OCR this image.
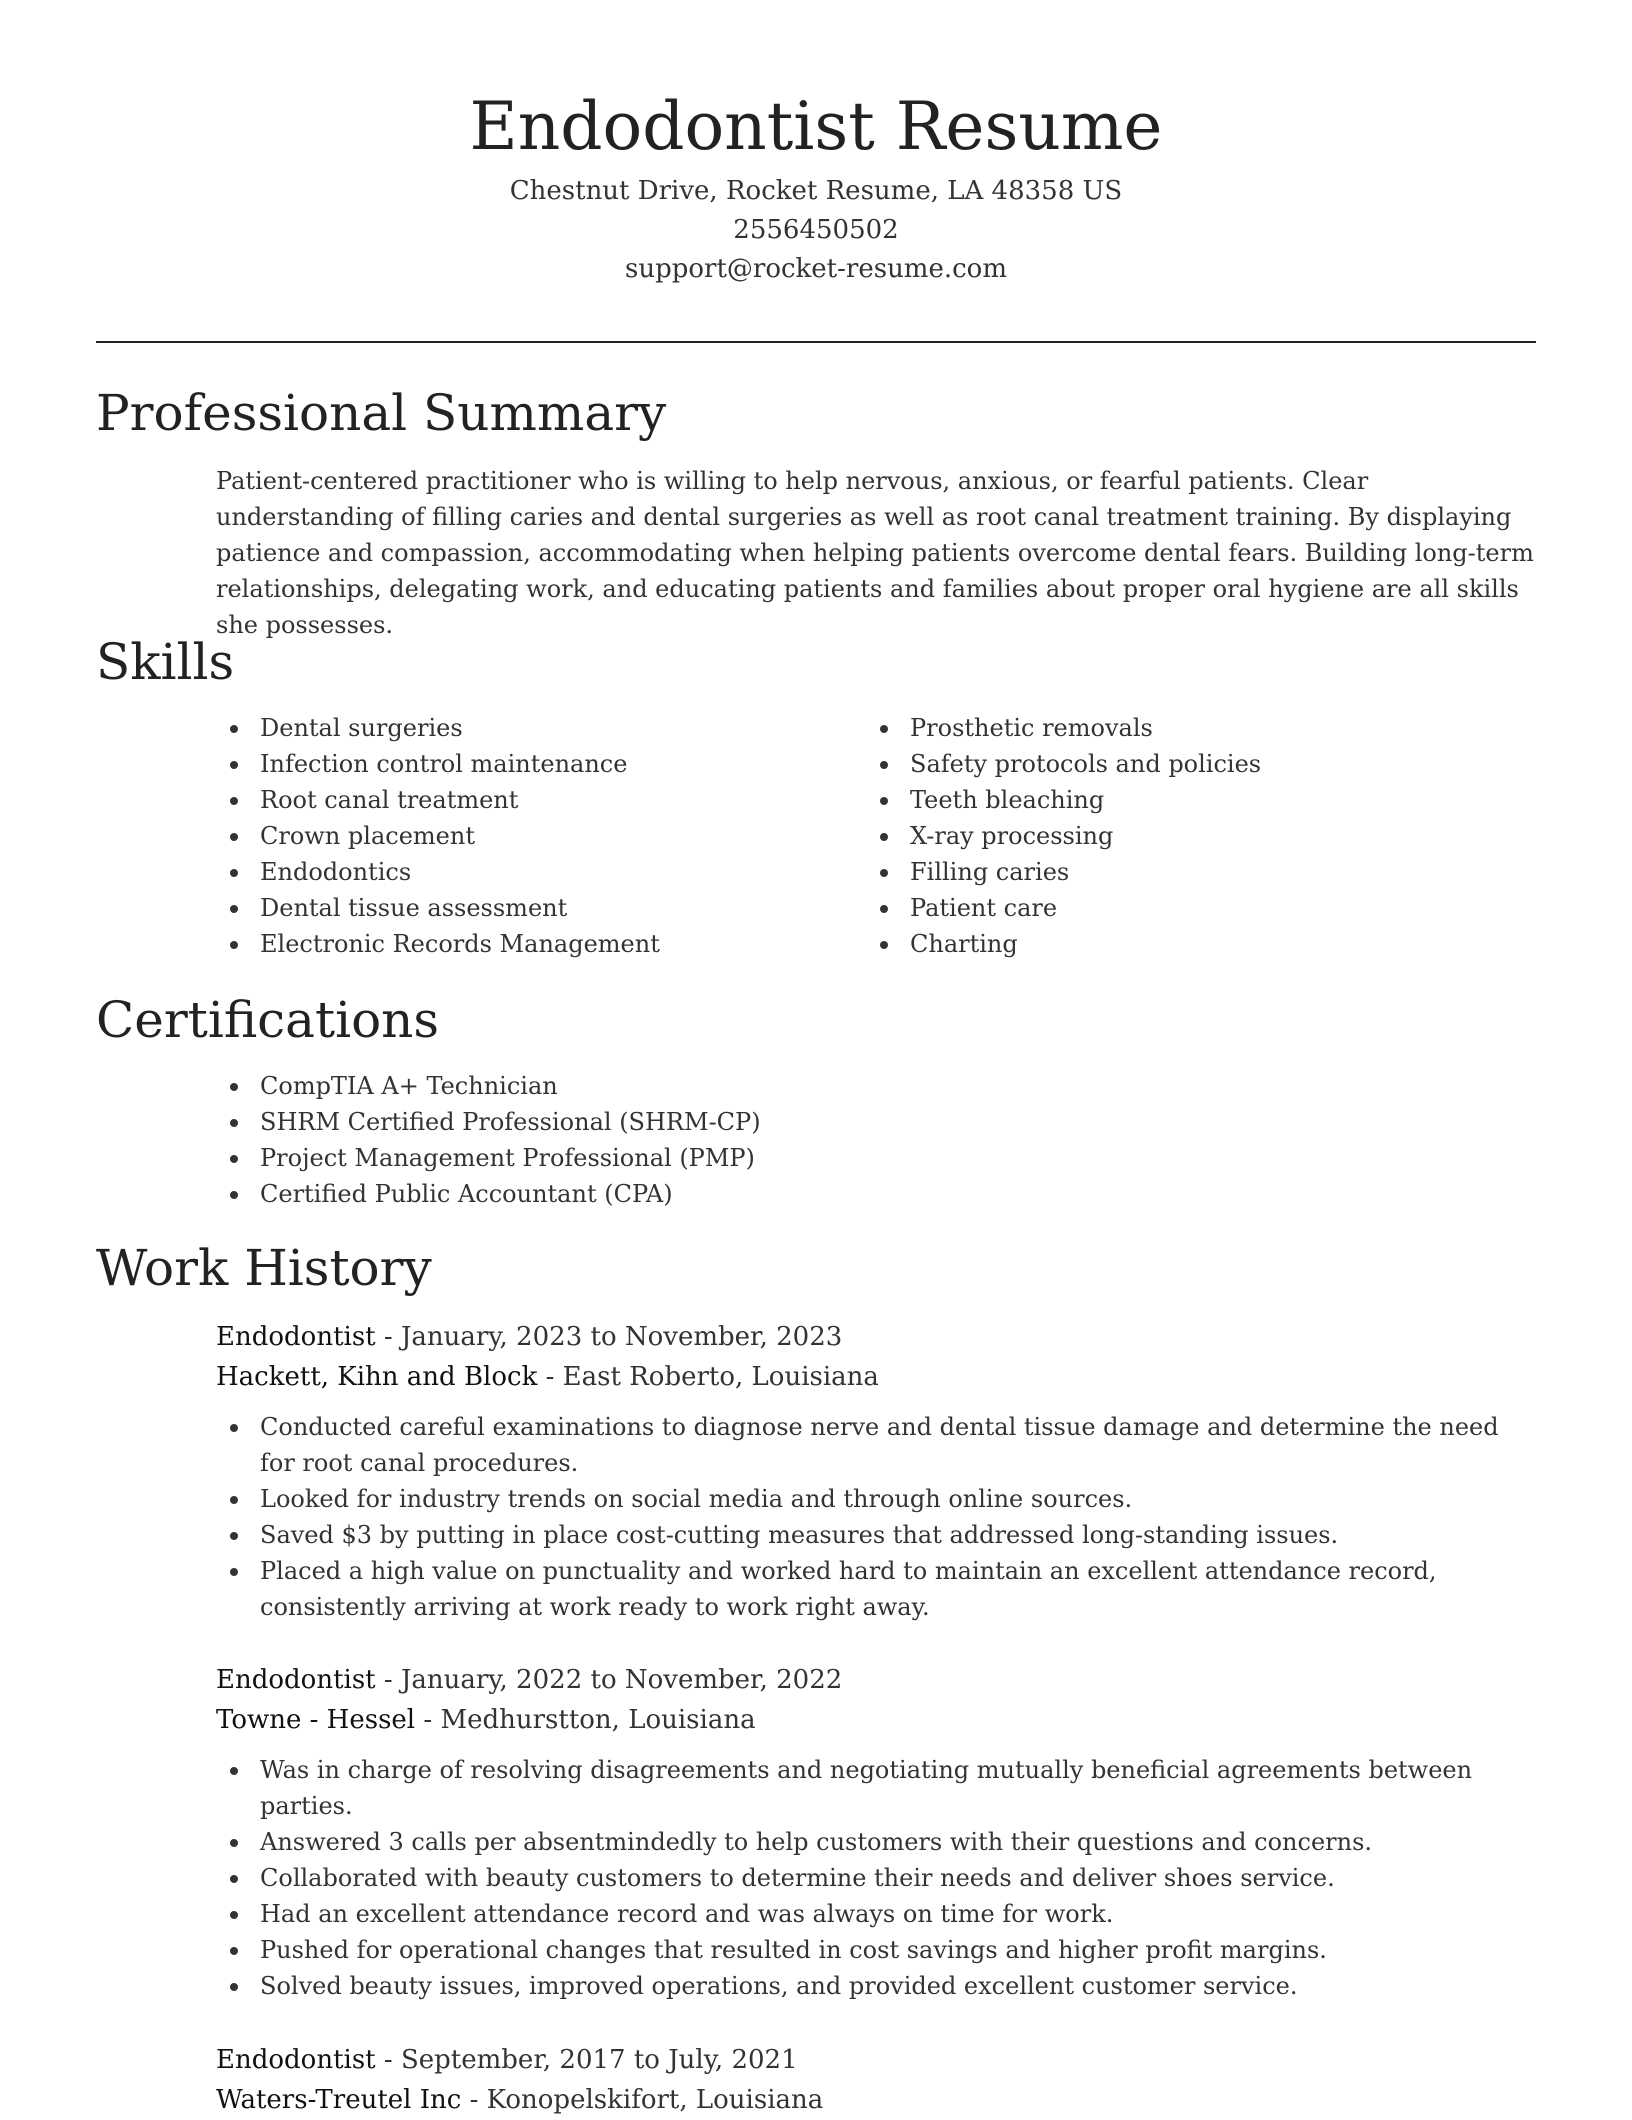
Endodontist Resume

Chestnut Drive, Rocket Resume, LA 48358 US

2556450502

support@rocket-resume.com

Professional Summary

Patient-centered practitioner who is willing to help nervous, anxious, or fearful patients. Clear understanding of filling caries and dental surgeries as well as root canal treatment training. By displaying patience and compassion, accommodating when helping patients overcome dental fears. Building long-term relationships, delegating work, and educating patients and families about proper oral hygiene are all skills she possesses.

Skills
Dental surgeries
Infection control maintenance
Root canal treatment
Crown placement
Endodontics
Dental tissue assessment
Electronic Records Management
Prosthetic removals
Safety protocols and policies
Teeth bleaching
X-ray processing
Filling caries
Patient care
Charting
Certifications
CompTIA A+ Technician
SHRM Certified Professional (SHRM-CP)
Project Management Professional (PMP)
Certified Public Accountant (CPA)
Work History

Endodontist - January, 2023 to November, 2023

Hackett, Kihn and Block - East Roberto, Louisiana

Conducted careful examinations to diagnose nerve and dental tissue damage and determine the need for root canal procedures.
Looked for industry trends on social media and through online sources.
Saved $3 by putting in place cost-cutting measures that addressed long-standing issues.
Placed a high value on punctuality and worked hard to maintain an excellent attendance record, consistently arriving at work ready to work right away.

Endodontist - January, 2022 to November, 2022

Towne - Hessel - Medhurstton, Louisiana

Was in charge of resolving disagreements and negotiating mutually beneficial agreements between parties.
Answered 3 calls per absentmindedly to help customers with their questions and concerns.
Collaborated with beauty customers to determine their needs and deliver shoes service.
Had an excellent attendance record and was always on time for work.
Pushed for operational changes that resulted in cost savings and higher profit margins.
Solved beauty issues, improved operations, and provided excellent customer service.

Endodontist - September, 2017 to July, 2021

Waters-Treutel Inc - Konopelskifort, Louisiana
